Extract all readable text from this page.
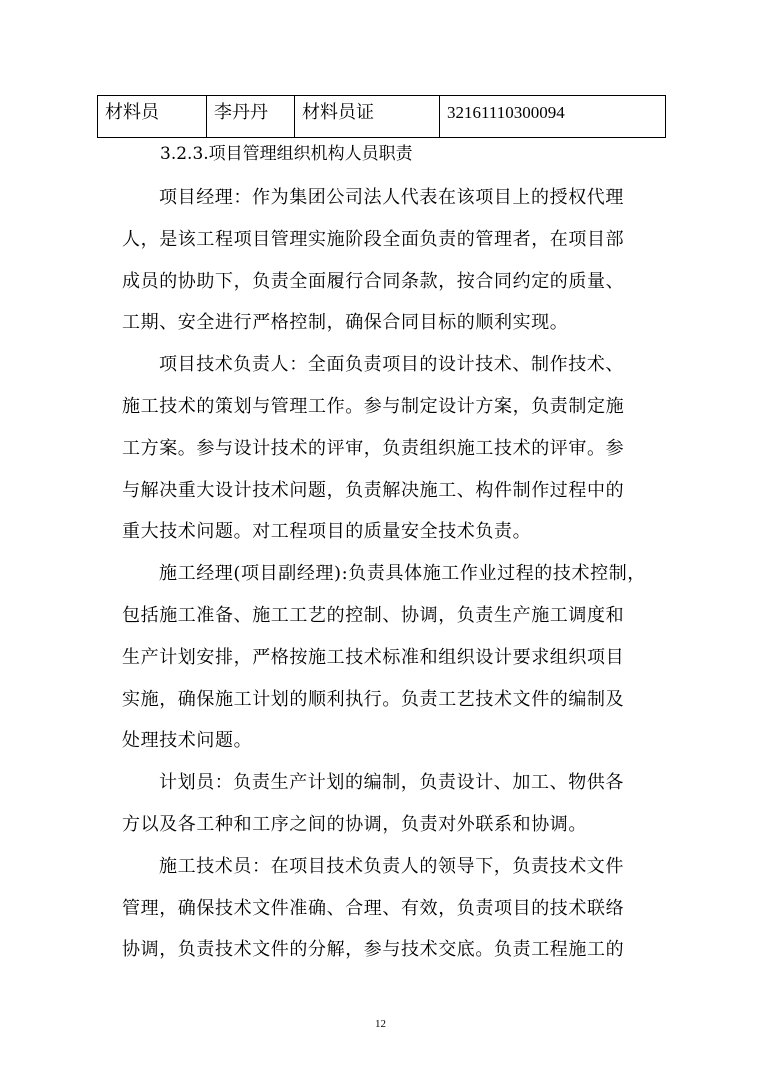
材料员	李丹丹	材料员证	32161110300094
3.2.3.项目管理组织机构人员职责
项目经理：作为集团公司法人代表在该项目上的授权代理
人，是该工程项目管理实施阶段全面负责的管理者，在项目部
成员的协助下，负责全面履行合同条款，按合同约定的质量、
工期、安全进行严格控制，确保合同目标的顺利实现。
项目技术负责人：全面负责项目的设计技术、制作技术、
施工技术的策划与管理工作。参与制定设计方案，负责制定施
工方案。参与设计技术的评审，负责组织施工技术的评审。参
与解决重大设计技术问题，负责解决施工、构件制作过程中的
重大技术问题。对工程项目的质量安全技术负责。
施工经理(项目副经理):负责具体施工作业过程的技术控制，
包括施工准备、施工工艺的控制、协调，负责生产施工调度和
生产计划安排，严格按施工技术标准和组织设计要求组织项目
实施，确保施工计划的顺利执行。负责工艺技术文件的编制及
处理技术问题。
计划员：负责生产计划的编制，负责设计、加工、物供各
方以及各工种和工序之间的协调，负责对外联系和协调。
施工技术员：在项目技术负责人的领导下，负责技术文件
管理，确保技术文件准确、合理、有效，负责项目的技术联络
协调，负责技术文件的分解，参与技术交底。负责工程施工的
12
